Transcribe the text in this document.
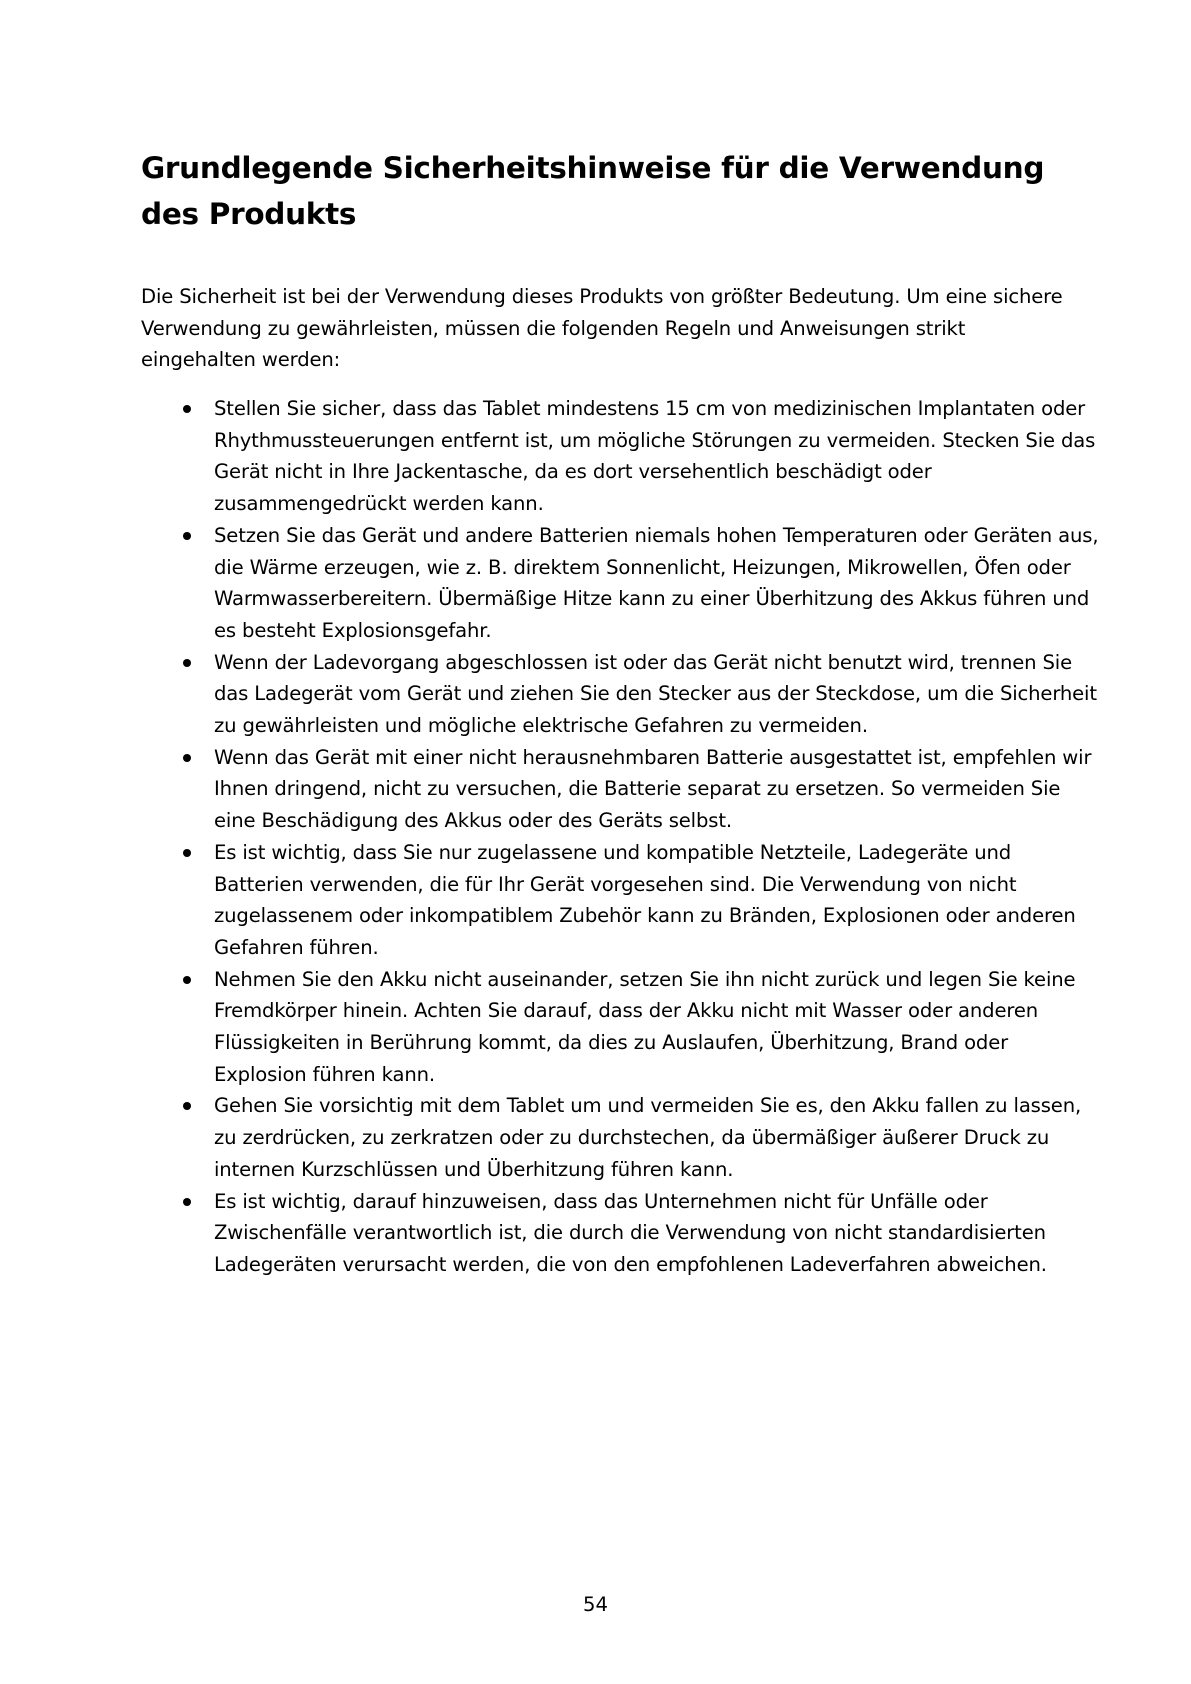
Grundlegende Sicherheitshinweise für die Verwendung des Produkts

Die Sicherheit ist bei der Verwendung dieses Produkts von größter Bedeutung. Um eine sichere Verwendung zu gewährleisten, müssen die folgenden Regeln und Anweisungen strikt eingehalten werden:

Stellen Sie sicher, dass das Tablet mindestens 15 cm von medizinischen Implantaten oder Rhythmussteuerungen entfernt ist, um mögliche Störungen zu vermeiden. Stecken Sie das Gerät nicht in Ihre Jackentasche, da es dort versehentlich beschädigt oder zusammengedrückt werden kann.
Setzen Sie das Gerät und andere Batterien niemals hohen Temperaturen oder Geräten aus, die Wärme erzeugen, wie z. B. direktem Sonnenlicht, Heizungen, Mikrowellen, Öfen oder Warmwasserbereitern. Übermäßige Hitze kann zu einer Überhitzung des Akkus führen und es besteht Explosionsgefahr.
Wenn der Ladevorgang abgeschlossen ist oder das Gerät nicht benutzt wird, trennen Sie das Ladegerät vom Gerät und ziehen Sie den Stecker aus der Steckdose, um die Sicherheit zu gewährleisten und mögliche elektrische Gefahren zu vermeiden.
Wenn das Gerät mit einer nicht herausnehmbaren Batterie ausgestattet ist, empfehlen wir Ihnen dringend, nicht zu versuchen, die Batterie separat zu ersetzen. So vermeiden Sie eine Beschädigung des Akkus oder des Geräts selbst.
Es ist wichtig, dass Sie nur zugelassene und kompatible Netzteile, Ladegeräte und Batterien verwenden, die für Ihr Gerät vorgesehen sind. Die Verwendung von nicht zugelassenem oder inkompatiblem Zubehör kann zu Bränden, Explosionen oder anderen Gefahren führen.
Nehmen Sie den Akku nicht auseinander, setzen Sie ihn nicht zurück und legen Sie keine Fremdkörper hinein. Achten Sie darauf, dass der Akku nicht mit Wasser oder anderen Flüssigkeiten in Berührung kommt, da dies zu Auslaufen, Überhitzung, Brand oder Explosion führen kann.
Gehen Sie vorsichtig mit dem Tablet um und vermeiden Sie es, den Akku fallen zu lassen, zu zerdrücken, zu zerkratzen oder zu durchstechen, da übermäßiger äußerer Druck zu internen Kurzschlüssen und Überhitzung führen kann.
Es ist wichtig, darauf hinzuweisen, dass das Unternehmen nicht für Unfälle oder Zwischenfälle verantwortlich ist, die durch die Verwendung von nicht standardisierten Ladegeräten verursacht werden, die von den empfohlenen Ladeverfahren abweichen.
54
